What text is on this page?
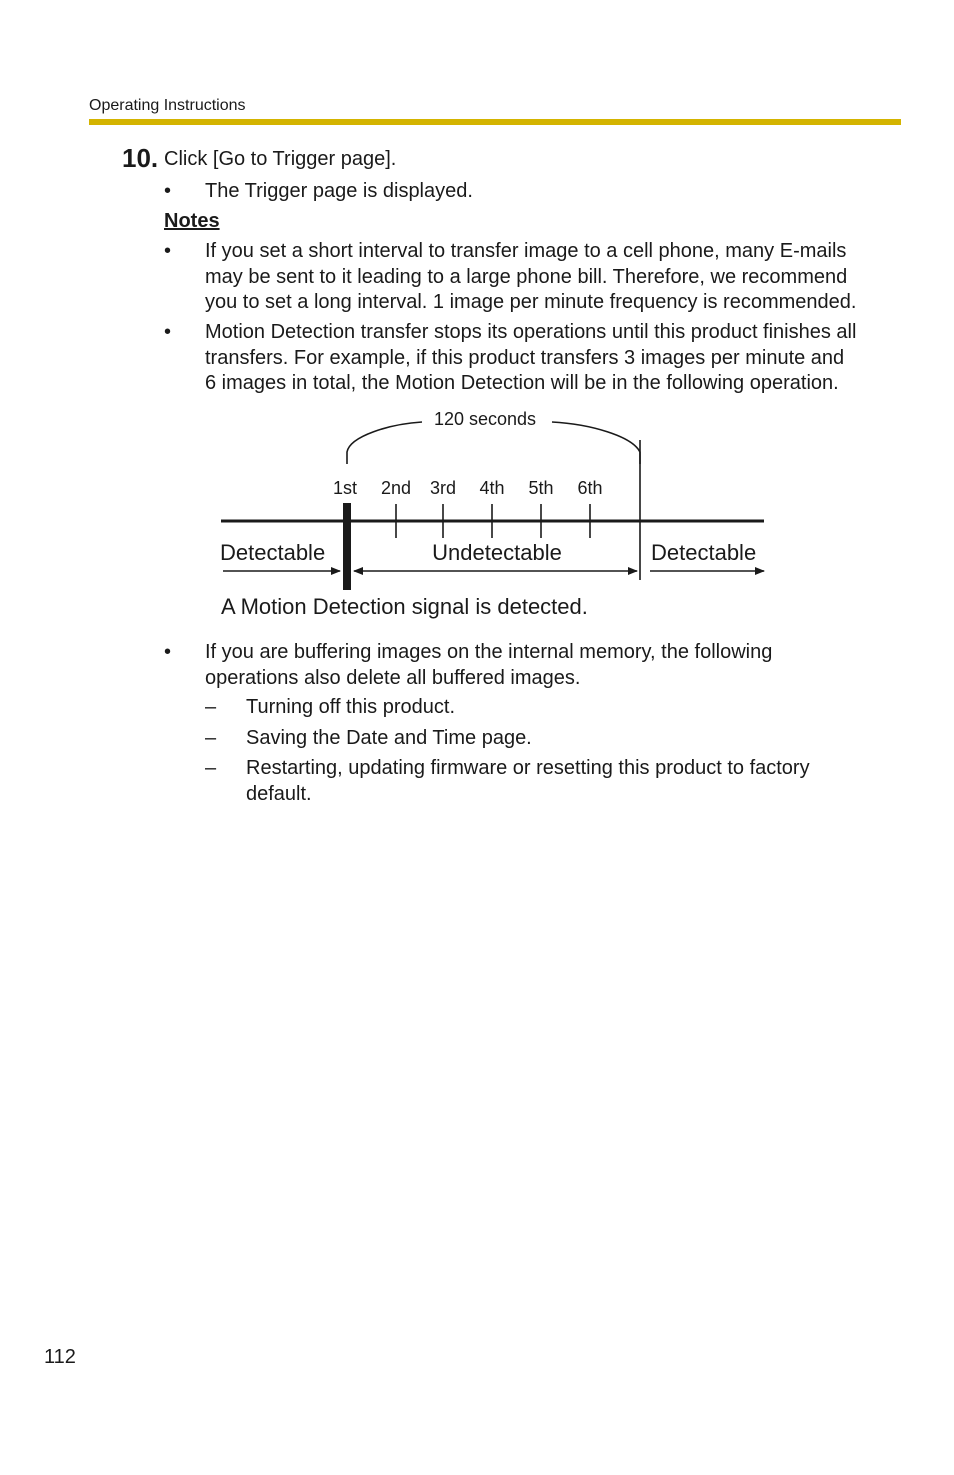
Operating Instructions
10. Click [Go to Trigger page].
• The Trigger page is displayed.
Notes
• If you set a short interval to transfer image to a cell phone, many E-mails
may be sent to it leading to a large phone bill. Therefore, we recommend
you to set a long interval. 1 image per minute frequency is recommended.
• Motion Detection transfer stops its operations until this product finishes all
transfers. For example, if this product transfers 3 images per minute and
6 images in total, the Motion Detection will be in the following operation.
120 seconds
1st 2nd 3rd 4th 5th 6th
Detectable	Undetectable	Detectable
A Motion Detection signal is detected.
• If you are buffering images on the internal memory, the following
operations also delete all buffered images.
– Turning off this product.
– Saving the Date and Time page.
– Restarting, updating firmware or resetting this product to factory
default.
112
